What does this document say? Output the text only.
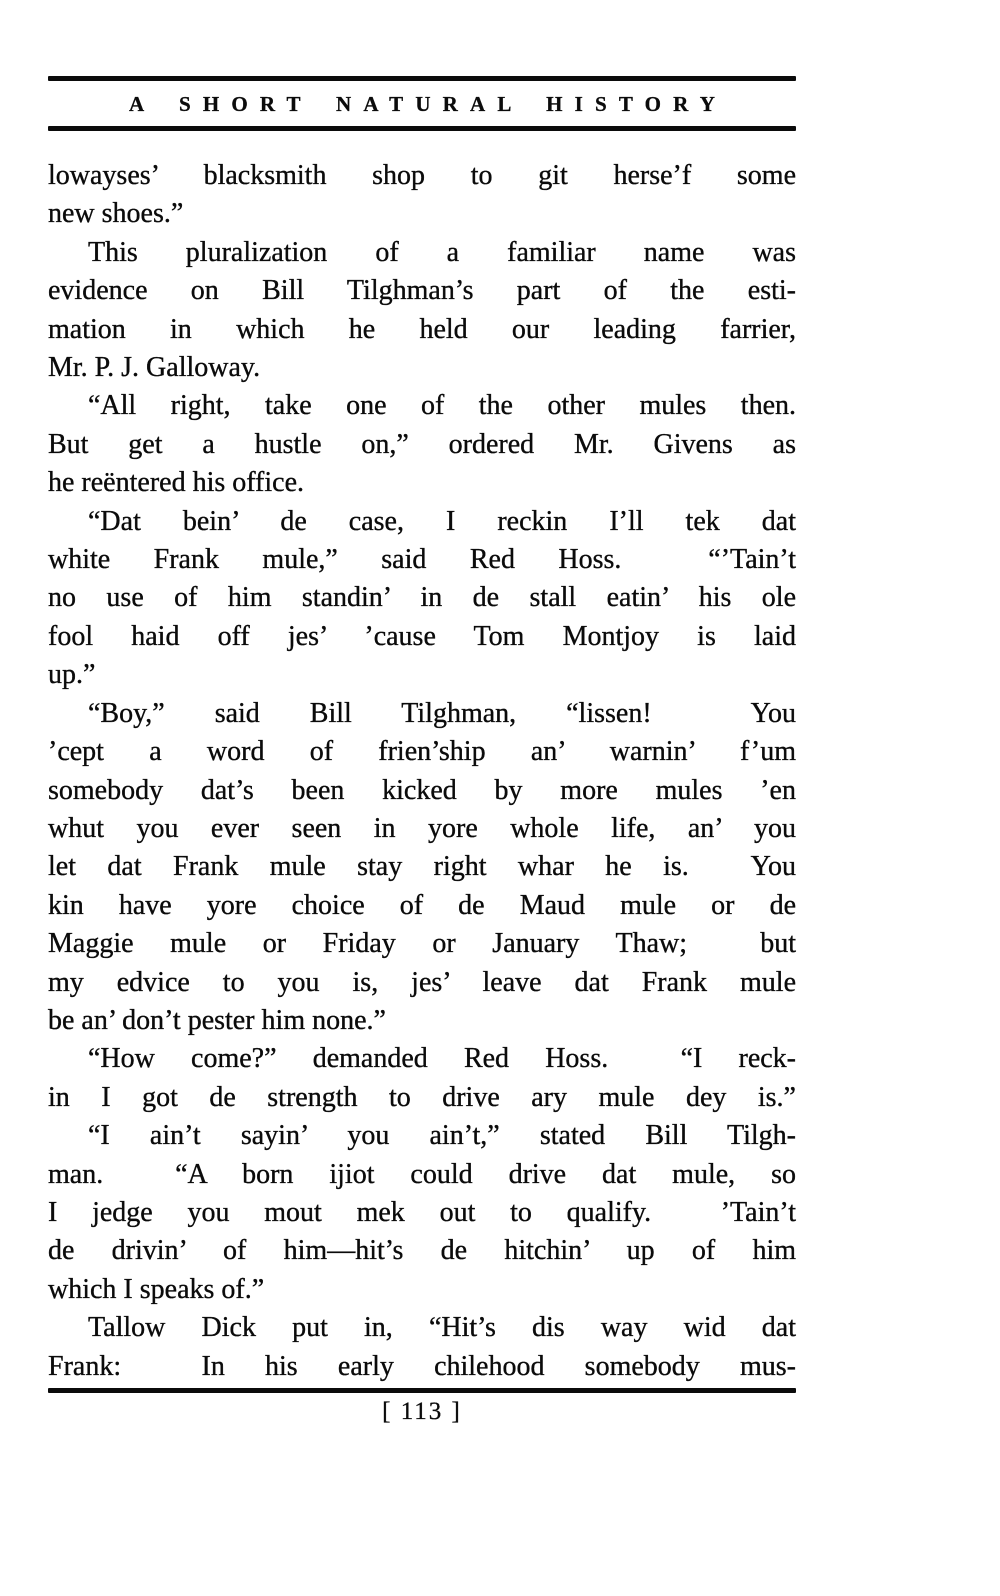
A SHORT NATURAL HISTORY
lowayses’ blacksmith shop to git herse’f some
new shoes.”
This pluralization of a familiar name was
evidence on Bill Tilghman’s part of the esti-
mation in which he held our leading farrier,
Mr. P. J. Galloway.
“All right, take one of the other mules then.
But get a hustle on,” ordered Mr. Givens as
he reëntered his office.
“Dat bein’ de case, I reckin I’ll tek dat
white Frank mule,” said Red Hoss.  “’Tain’t
no use of him standin’ in de stall eatin’ his ole
fool haid off jes’ ’cause Tom Montjoy is laid
up.”
“Boy,” said Bill Tilghman, “lissen!  You
’cept a word of frien’ship an’ warnin’ f’um
somebody dat’s been kicked by more mules ’en
whut you ever seen in yore whole life, an’ you
let dat Frank mule stay right whar he is.  You
kin have yore choice of de Maud mule or de
Maggie mule or Friday or January Thaw;  but
my edvice to you is, jes’ leave dat Frank mule
be an’ don’t pester him none.”
“How come?” demanded Red Hoss.  “I reck-
in I got de strength to drive ary mule dey is.”
“I ain’t sayin’ you ain’t,” stated Bill Tilgh-
man.  “A born ijiot could drive dat mule, so
I jedge you mout mek out to qualify.  ’Tain’t
de drivin’ of him—hit’s de hitchin’ up of him
which I speaks of.”
Tallow Dick put in, “Hit’s dis way wid dat
Frank:  In his early chilehood somebody mus-
[ 113 ]
